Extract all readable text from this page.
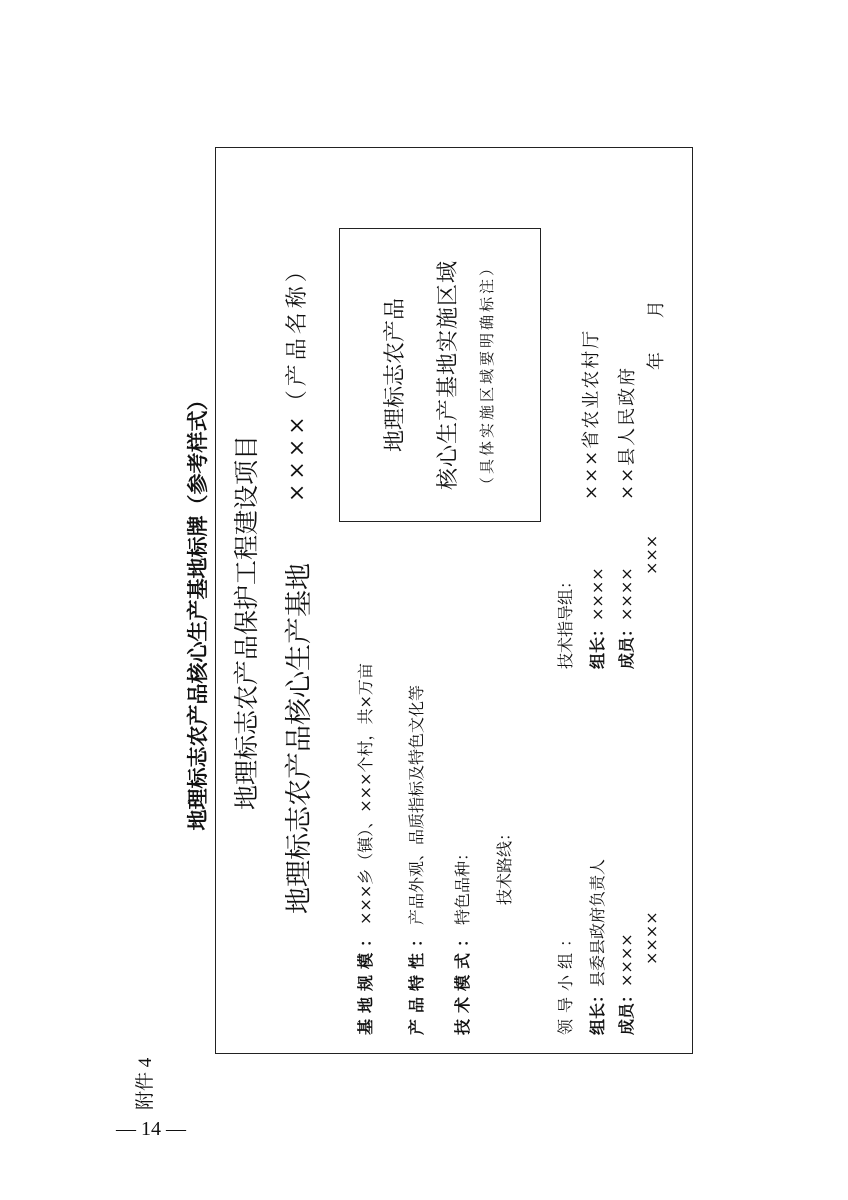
— 14 —
附件 4
地理标志农产品核心生产基地标牌（参考样式） 地理标志农产品保护工程建设项目 地理标志农产品核心生产基地
××××（产品名称）	地理标志农产品 核心生产基地实施区域 （具体实施区域要明确标注）
基地规模：×××乡（镇）、×××个村，共×万亩
产品特性：产品外观、品质指标及特色文化等
技术模式：特色品种： 技术路线：
领导小组： 组长：县委县政府负责人
成员：×××× ××××
技术指导组： 组长：××××
成员：××××
×××
×××省农业农村厅 ××县人民政府
年 月
